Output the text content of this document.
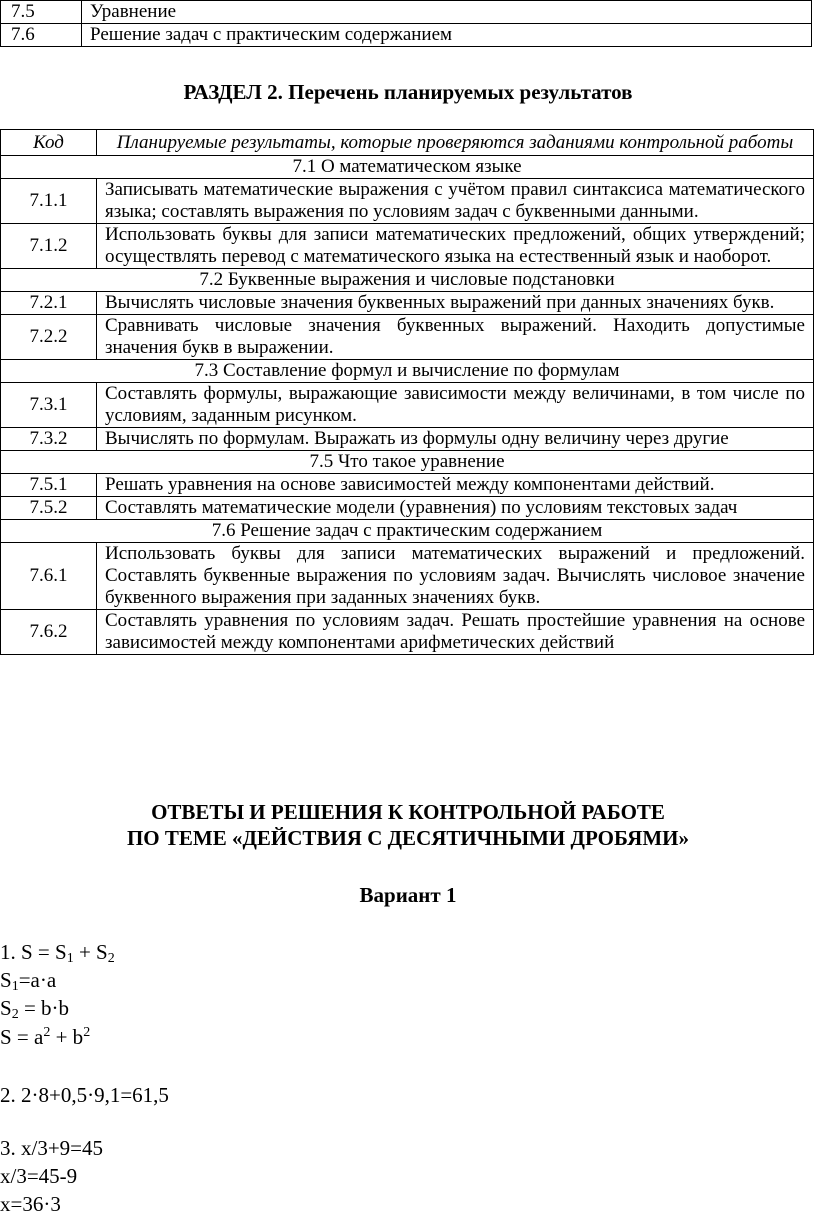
7.5	Уравнение
7.6	Решение задач с практическим содержанием
РАЗДЕЛ 2. Перечень планируемых результатов
Код	Планируемые результаты, которые проверяются заданиями контрольной работы
7.1 О математическом языке	
7.1.1	Записывать математические выражения с учётом правил синтаксиса математического языка; составлять выражения по условиям задач с буквенными данными.
7.1.2	Использовать буквы для записи математических предложений, общих утверждений; осуществлять перевод с математического языка на естественный язык и наоборот.
7.2 Буквенные выражения и числовые подстановки	
7.2.1	Вычислять числовые значения буквенных выражений при данных значениях букв.
7.2.2	Сравнивать числовые значения буквенных выражений. Находить допустимые значения букв в выражении.
7.3 Составление формул и вычисление по формулам	
7.3.1	Составлять формулы, выражающие зависимости между величинами, в том числе по условиям, заданным рисунком.
7.3.2	Вычислять по формулам. Выражать из формулы одну величину через другие
7.5 Что такое уравнение	
7.5.1	Решать уравнения на основе зависимостей между компонентами действий.
7.5.2	Составлять математические модели (уравнения) по условиям текстовых задач
7.6 Решение задач с практическим содержанием	
7.6.1	Использовать буквы для записи математических выражений и предложений. Составлять буквенные выражения по условиям задач. Вычислять числовое значение буквенного выражения при заданных значениях букв.
7.6.2	Составлять уравнения по условиям задач. Решать простейшие уравнения на основе зависимостей между компонентами арифметических действий
ОТВЕТЫ И РЕШЕНИЯ К КОНТРОЛЬНОЙ РАБОТЕ
ПО ТЕМЕ «ДЕЙСТВИЯ С ДЕСЯТИЧНЫМИ ДРОБЯМИ»
Вариант 1
1. $S = S_1 + S_2$
$S_1=a\cdot a$
$S_2 = b\cdot b$
$S = a^2 + b^2$
2. 2·8+0,5·9,1=61,5
3. x/3+9=45
x/3=45-9
x=36·3
